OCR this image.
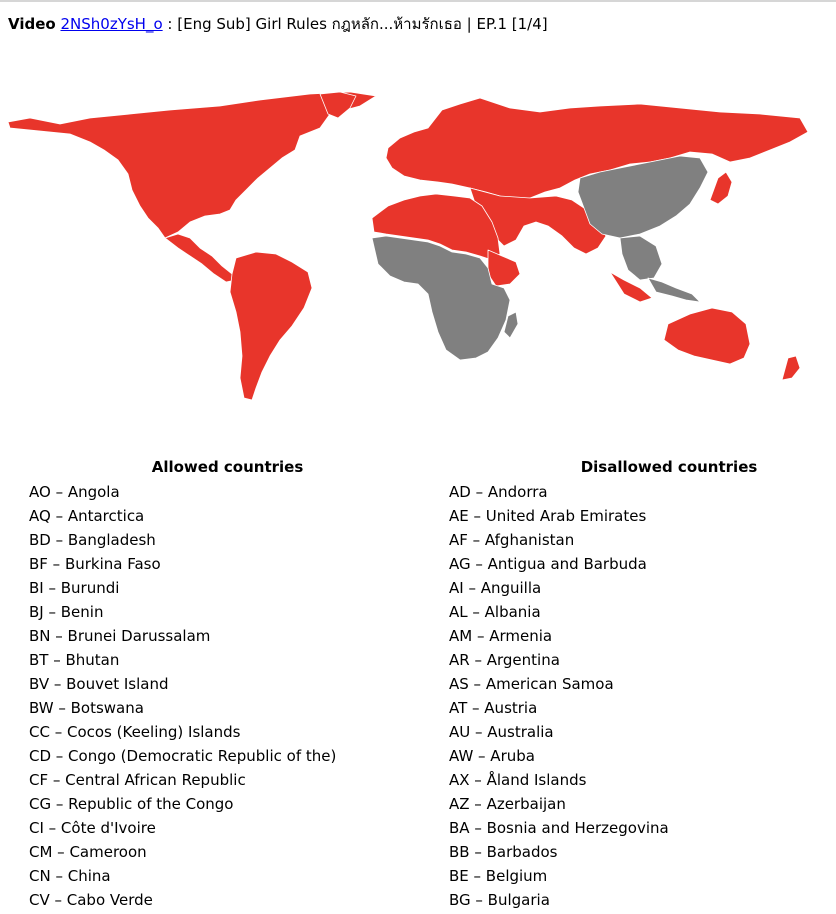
Video 2NSh0zYsH_o : [Eng Sub] Girl Rules กฎหลัก...ห้ามรักเธอ | EP.1 [1/4]
Allowed countries
AO – Angola
AQ – Antarctica
BD – Bangladesh
BF – Burkina Faso
BI – Burundi
BJ – Benin
BN – Brunei Darussalam
BT – Bhutan
BV – Bouvet Island
BW – Botswana
CC – Cocos (Keeling) Islands
CD – Congo (Democratic Republic of the)
CF – Central African Republic
CG – Republic of the Congo
CI – Côte d'Ivoire
CM – Cameroon
CN – China
CV – Cabo Verde
Disallowed countries
AD – Andorra
AE – United Arab Emirates
AF – Afghanistan
AG – Antigua and Barbuda
AI – Anguilla
AL – Albania
AM – Armenia
AR – Argentina
AS – American Samoa
AT – Austria
AU – Australia
AW – Aruba
AX – Åland Islands
AZ – Azerbaijan
BA – Bosnia and Herzegovina
BB – Barbados
BE – Belgium
BG – Bulgaria
